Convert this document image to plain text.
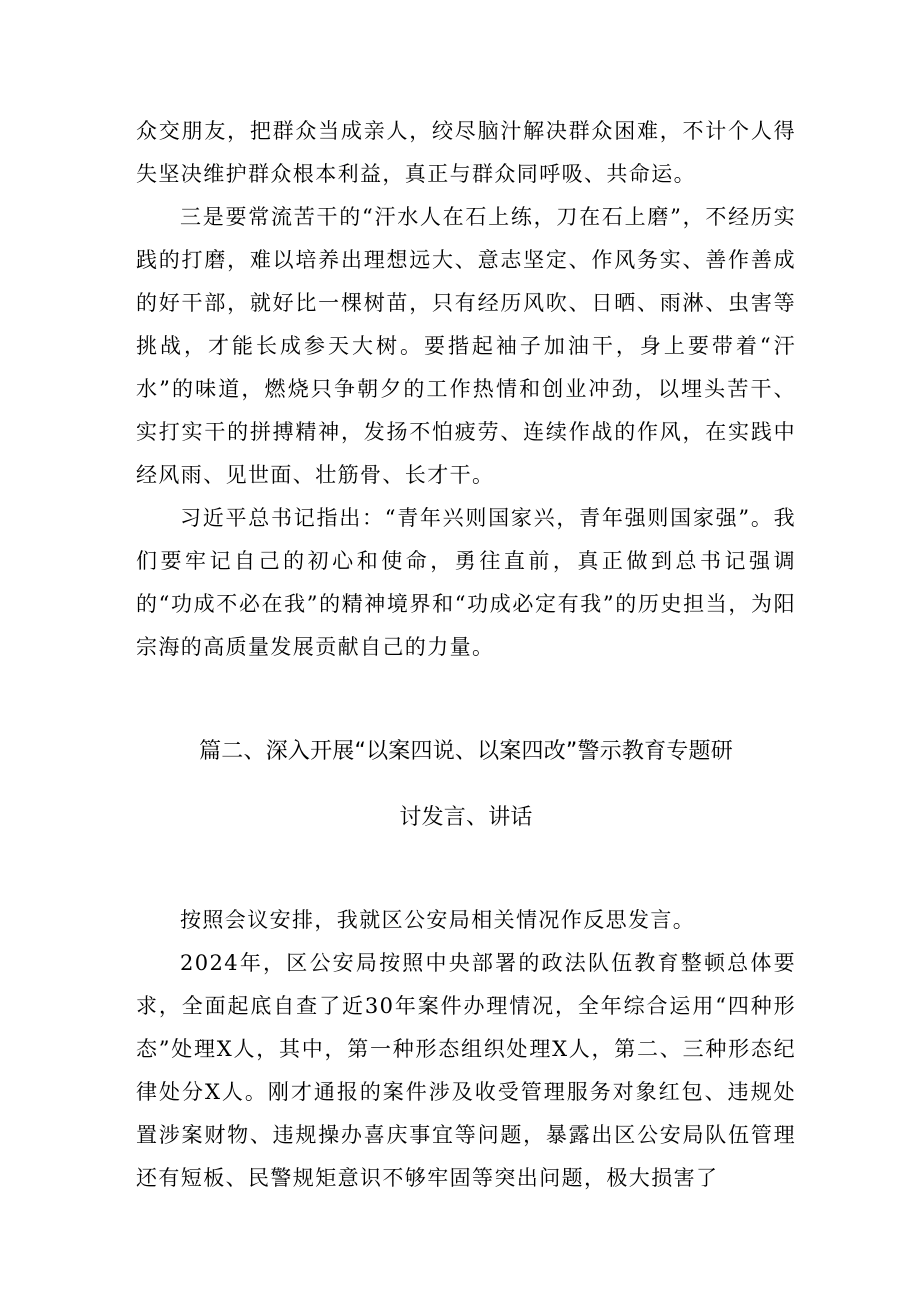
众交朋友，把群众当成亲人，绞尽脑汁解决群众困难，不计个人得失坚决维护群众根本利益，真正与群众同呼吸、共命运。

三是要常流苦干的“汗水人在石上练，刀在石上磨”，不经历实践的打磨，难以培养出理想远大、意志坚定、作风务实、善作善成的好干部，就好比一棵树苗，只有经历风吹、日晒、雨淋、虫害等挑战，才能长成参天大树。要揩起袖子加油干，身上要带着“汗水”的味道，燃烧只争朝夕的工作热情和创业冲劲，以埋头苦干、实打实干的拼搏精神，发扬不怕疲劳、连续作战的作风，在实践中经风雨、见世面、壮筋骨、长才干。

习近平总书记指出：“青年兴则国家兴，青年强则国家强”。我们要牢记自己的初心和使命，勇往直前，真正做到总书记强调的“功成不必在我”的精神境界和“功成必定有我”的历史担当，为阳宗海的高质量发展贡献自己的力量。

篇二、深入开展“以案四说、以案四改”警示教育专题研

讨发言、讲话

按照会议安排，我就区公安局相关情况作反思发言。

2024年，区公安局按照中央部署的政法队伍教育整顿总体要求，全面起底自查了近30年案件办理情况，全年综合运用“四种形态”处理X人，其中，第一种形态组织处理X人，第二、三种形态纪律处分X人。刚才通报的案件涉及收受管理服务对象红包、违规处置涉案财物、违规操办喜庆事宜等问题，暴露出区公安局队伍管理还有短板、民警规矩意识不够牢固等突出问题，极大损害了
